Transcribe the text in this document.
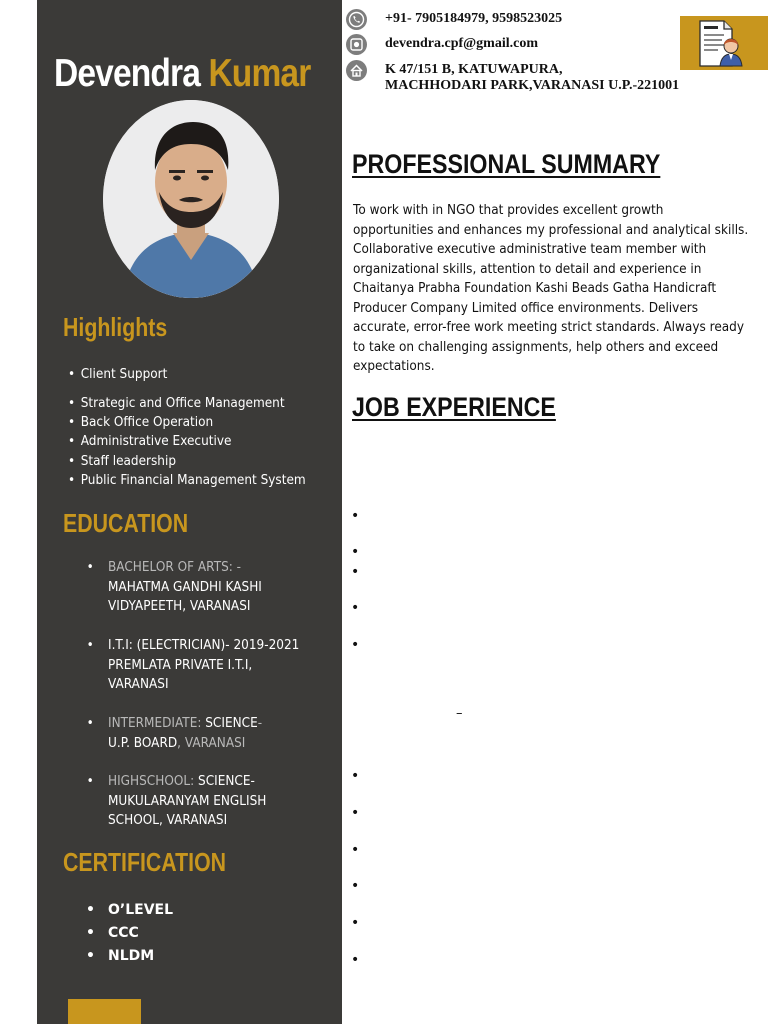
Devendra Kumar
Highlights
• Client Support
• Strategic and Office Management
• Back Office Operation
• Administrative Executive
• Staff leadership
• Public Financial Management System
EDUCATION
• BACHELOR OF ARTS: -
MAHATMA GANDHI KASHI
VIDYAPEETH, VARANASI
• I.T.I: (ELECTRICIAN)- 2019-2021
PREMLATA PRIVATE I.T.I,
VARANASI
• INTERMEDIATE: SCIENCE-
U.P. BOARD, VARANASI
• HIGHSCHOOL: SCIENCE-
MUKULARANYAM ENGLISH
SCHOOL, VARANASI
CERTIFICATION
• O’LEVEL
• CCC
• NLDM
+91- 7905184979, 9598523025
devendra.cpf@gmail.com
K 47/151 B, KATUWAPURA,
MACHHODARI PARK,VARANASI U.P.-221001
PROFESSIONAL SUMMARY
To work with in NGO that provides excellent growth
opportunities and enhances my professional and analytical skills.
Collaborative executive administrative team member with
organizational skills, attention to detail and experience in
Chaitanya Prabha Foundation Kashi Beads Gatha Handicraft
Producer Company Limited office environments. Delivers
accurate, error-free work meeting strict standards. Always ready
to take on challenging assignments, help others and exceed
expectations.
JOB EXPERIENCE
•
•
•
•
•
–
•
•
•
•
•
•
